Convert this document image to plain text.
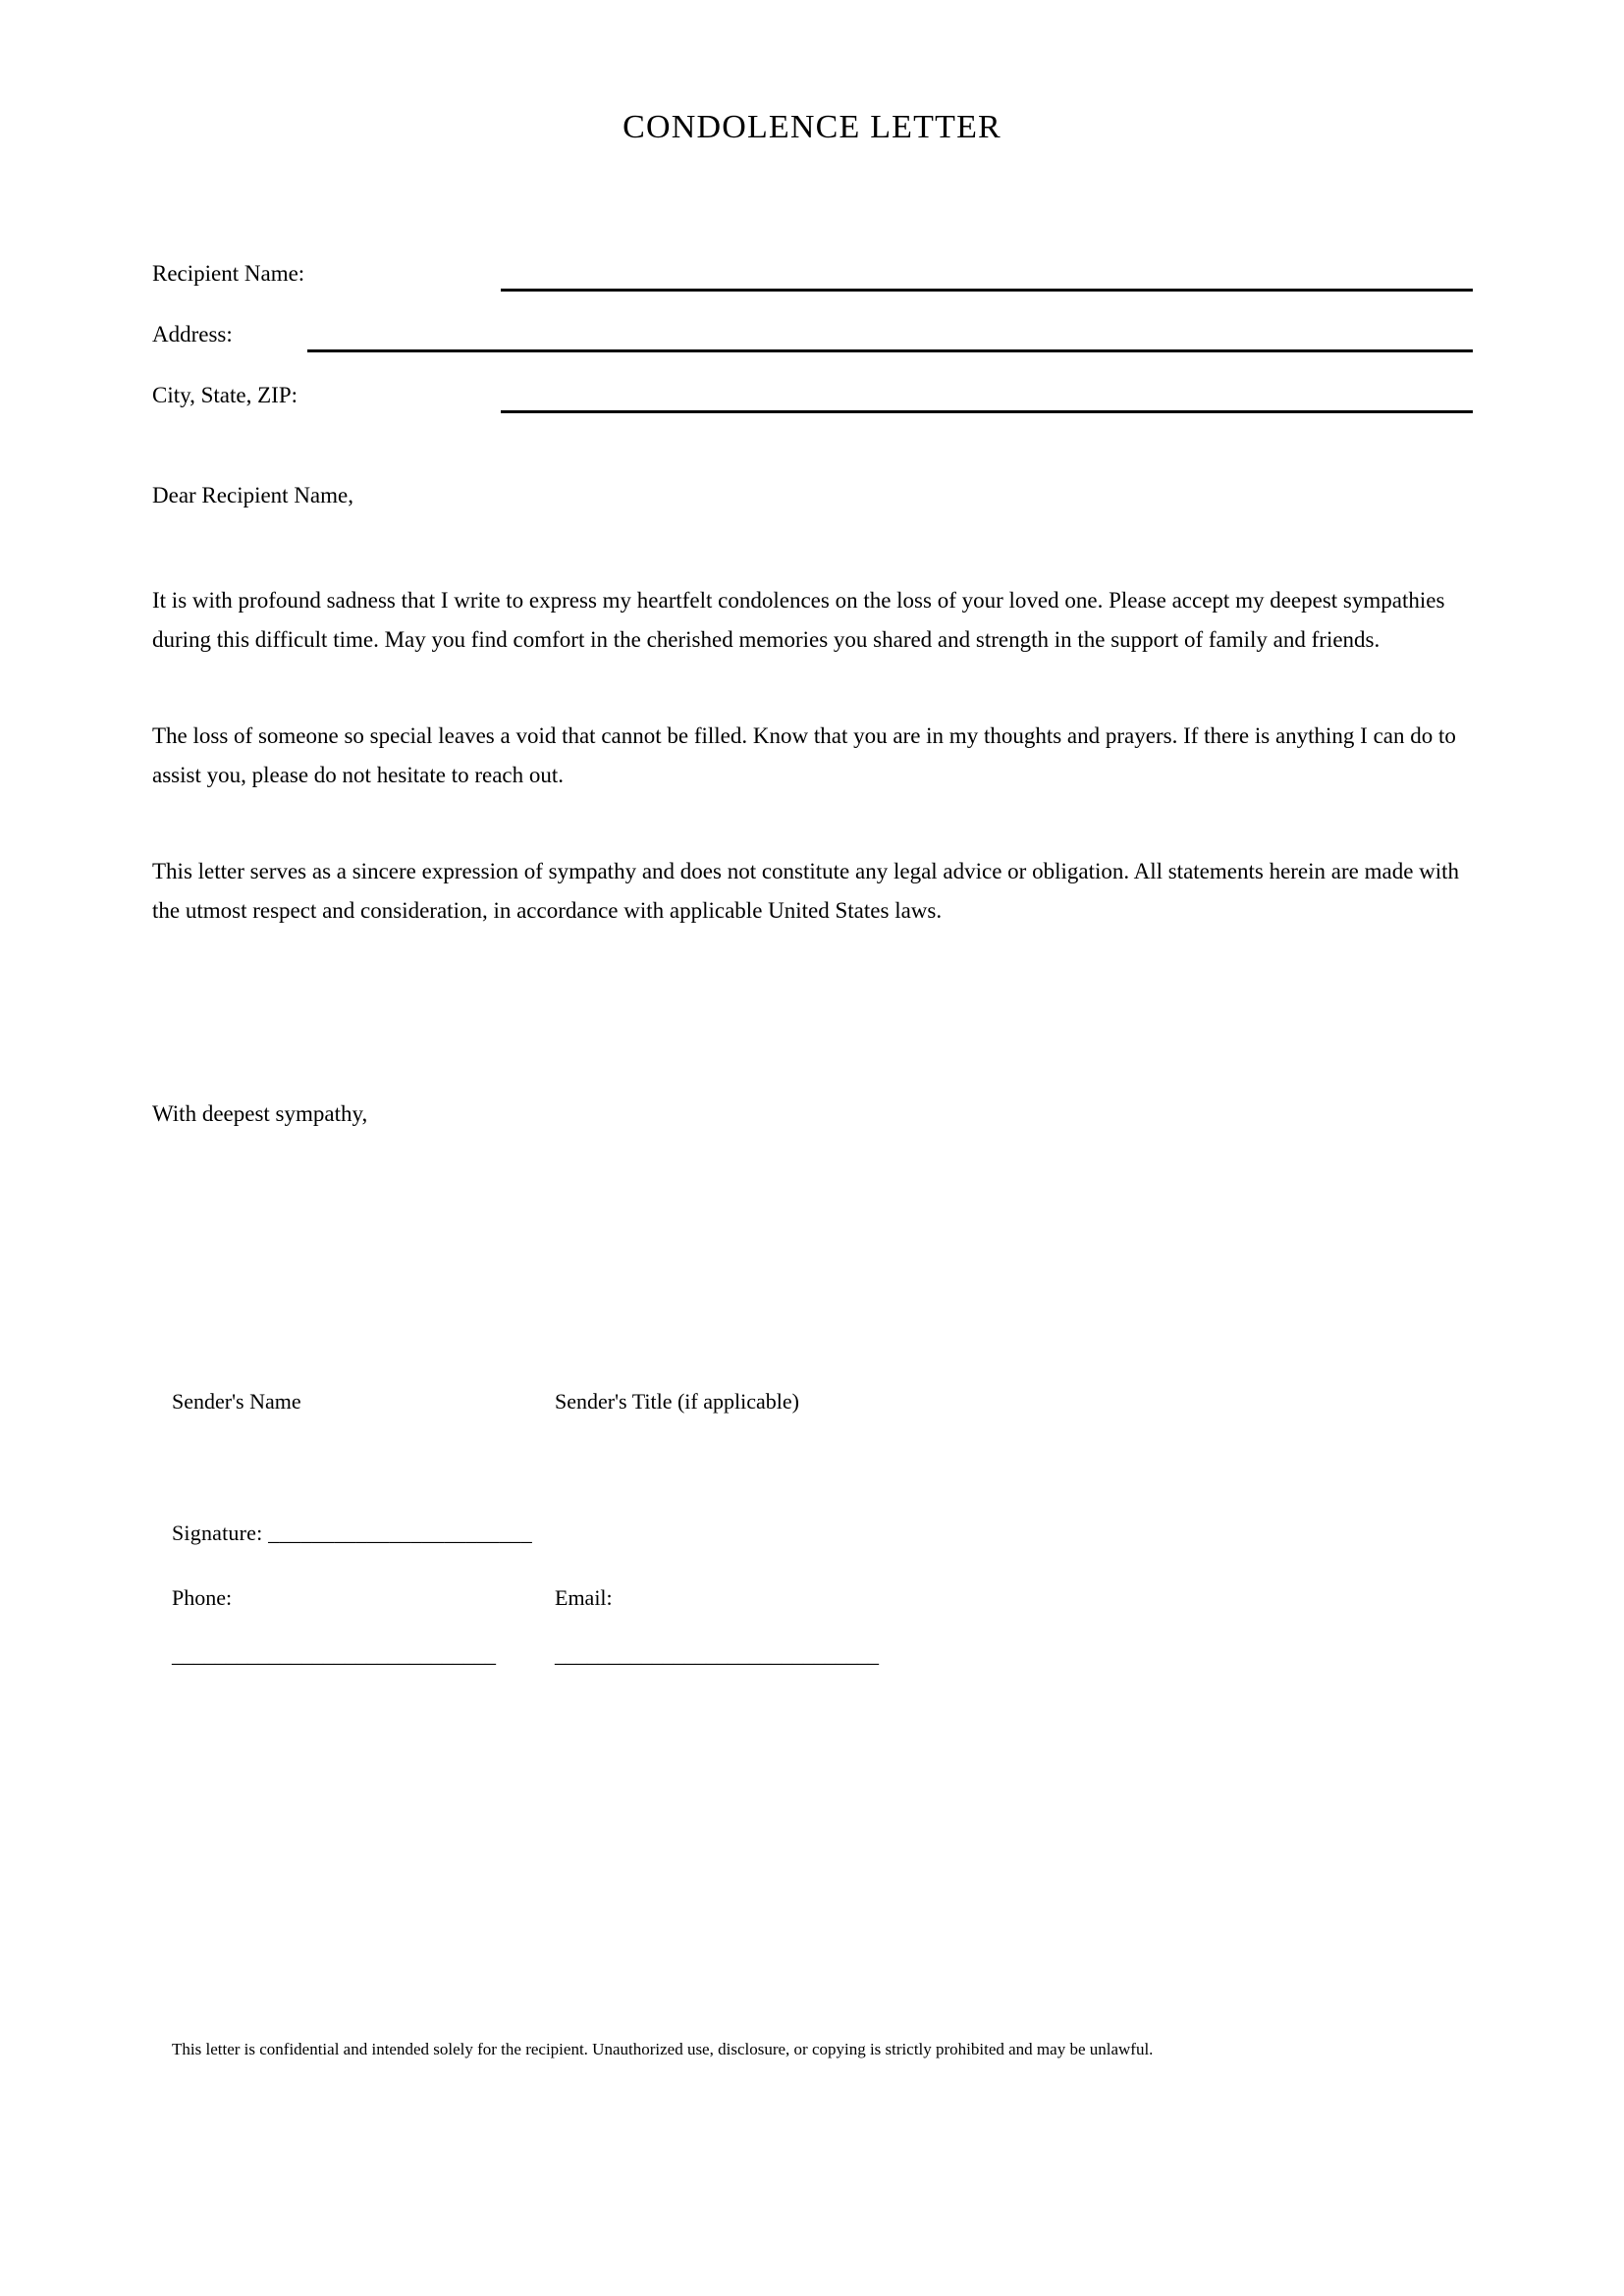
CONDOLENCE LETTER
Recipient Name:
Address:
City, State, ZIP:
Dear Recipient Name,

It is with profound sadness that I write to express my heartfelt condolences on the loss of your loved one. Please accept my deepest sympathies during this difficult time. May you find comfort in the cherished memories you shared and strength in the support of family and friends.

The loss of someone so special leaves a void that cannot be filled. Know that you are in my thoughts and prayers. If there is anything I can do to assist you, please do not hesitate to reach out.

This letter serves as a sincere expression of sympathy and does not constitute any legal advice or obligation. All statements herein are made with the utmost respect and consideration, in accordance with applicable United States laws.

With deepest sympathy,
Sender's Name	Sender's Title (if applicable)
Signature: ________________________
Phone:	Email:
______________________________	______________________________
This letter is confidential and intended solely for the recipient. Unauthorized use, disclosure, or copying is strictly prohibited and may be unlawful.
